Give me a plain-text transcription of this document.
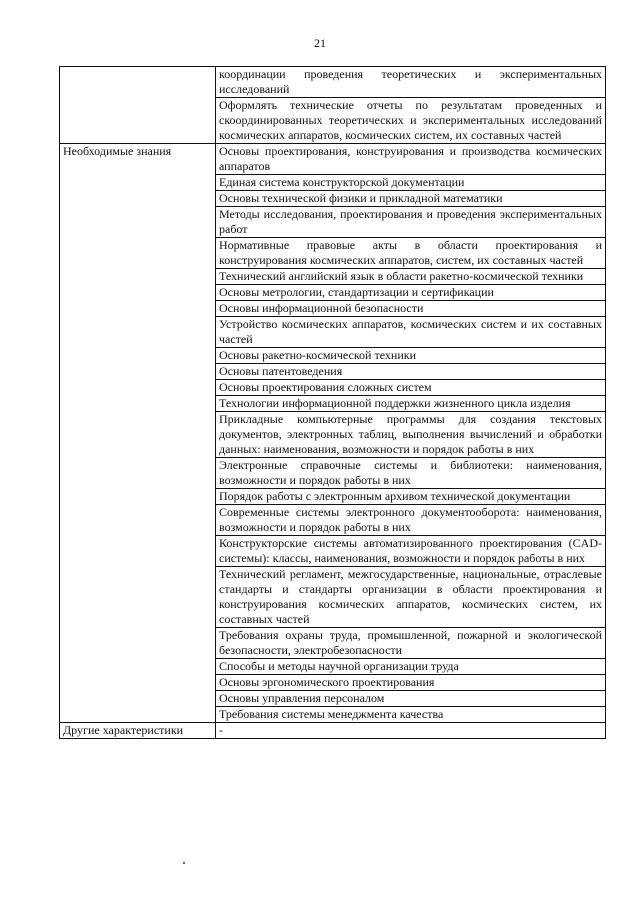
21

	координации проведения теоретических и экспериментальных исследований

	Оформлять технические отчеты по результатам проведенных и скоординированных теоретических и экспериментальных исследований космических аппаратов, космических систем, их составных частей

Необходимые знания	Основы проектирования, конструирования и производства космических аппаратов

	Единая система конструкторской документации

	Основы технической физики и прикладной математики

	Методы исследования, проектирования и проведения экспериментальных работ

	Нормативные правовые акты в области проектирования и конструирования космических аппаратов, систем, их составных частей

	Технический английский язык в области ракетно-космической техники

	Основы метрологии, стандартизации и сертификации

	Основы информационной безопасности

	Устройство космических аппаратов, космических систем и их составных частей

	Основы ракетно-космической техники

	Основы патентоведения

	Основы проектирования сложных систем

	Технологии информационной поддержки жизненного цикла изделия

	Прикладные компьютерные программы для создания текстовых документов, электронных таблиц, выполнения вычислений и обработки данных: наименования, возможности и порядок работы в них

	Электронные справочные системы и библиотеки: наименования, возможности и порядок работы в них

	Порядок работы с электронным архивом технической документации

	Современные системы электронного документооборота: наименования, возможности и порядок работы в них

	Конструкторские системы автоматизированного проектирования (CAD-системы): классы, наименования, возможности и порядок работы в них

	Технический регламент, межгосударственные, национальные, отраслевые стандарты и стандарты организации в области проектирования и конструирования космических аппаратов, космических систем, их составных частей

	Требования охраны труда, промышленной, пожарной и экологической безопасности, электробезопасности

	Способы и методы научной организации труда

	Основы эргономического проектирования

	Основы управления персоналом

	Требования системы менеджмента качества

Другие характеристики	-
